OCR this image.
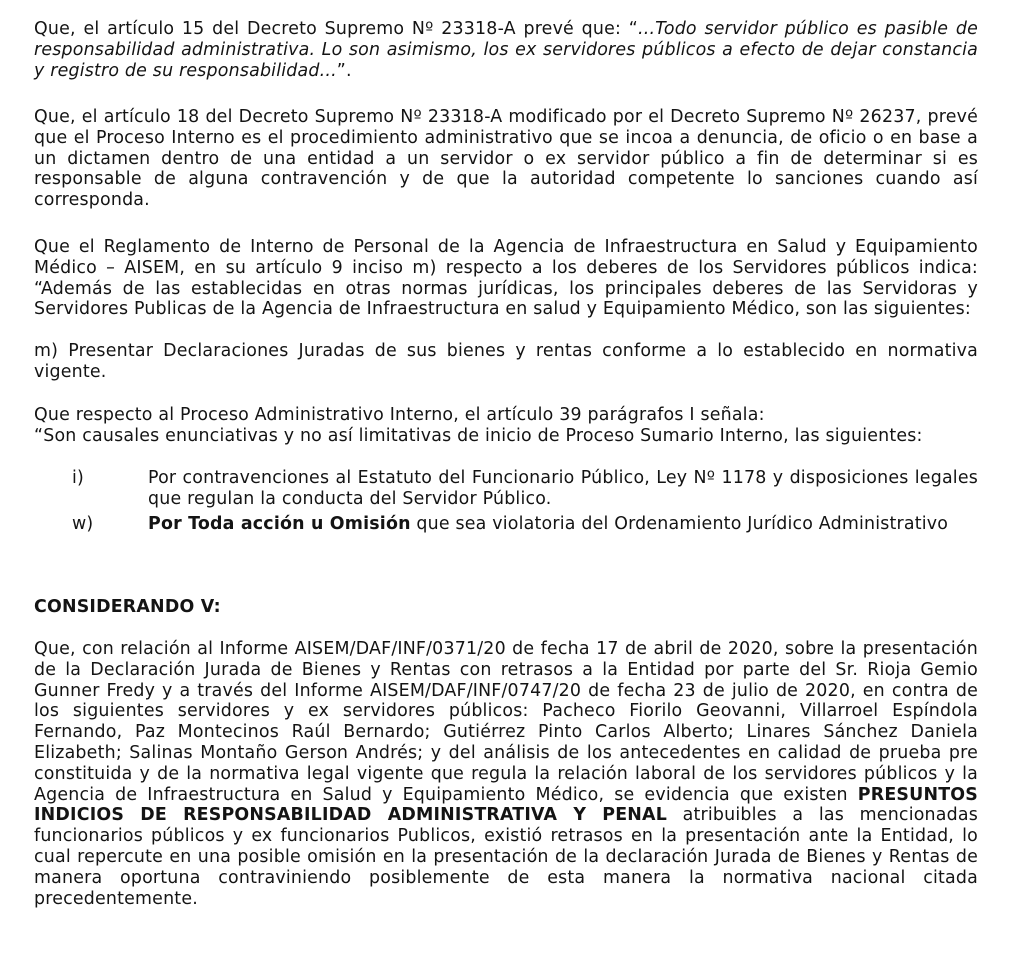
Que, el artículo 15 del Decreto Supremo Nº 23318-A prevé que: “...Todo servidor público es pasible de responsabilidad administrativa. Lo son asimismo, los ex servidores públicos a efecto de dejar constancia y registro de su responsabilidad...”.

Que, el artículo 18 del Decreto Supremo Nº 23318-A modificado por el Decreto Supremo Nº 26237, prevé que el Proceso Interno es el procedimiento administrativo que se incoa a denuncia, de oficio o en base a un dictamen dentro de una entidad a un servidor o ex servidor público a fin de determinar si es responsable de alguna contravención y de que la autoridad competente lo sanciones cuando así corresponda.

Que el Reglamento de Interno de Personal de la Agencia de Infraestructura en Salud y Equipamiento Médico – AISEM, en su artículo 9 inciso m) respecto a los deberes de los Servidores públicos indica: “Además de las establecidas en otras normas jurídicas, los principales deberes de las Servidoras y Servidores Publicas de la Agencia de Infraestructura en salud y Equipamiento Médico, son las siguientes:

m) Presentar Declaraciones Juradas de sus bienes y rentas conforme a lo establecido en normativa vigente.

Que respecto al Proceso Administrativo Interno, el artículo 39 parágrafos I señala:

“Son causales enunciativas y no así limitativas de inicio de Proceso Sumario Interno, las siguientes:

i)	Por contravenciones al Estatuto del Funcionario Público, Ley Nº 1178 y disposiciones legales que regulan la conducta del Servidor Público.
w)	Por Toda acción u Omisión que sea violatoria del Ordenamiento Jurídico Administrativo
CONSIDERANDO V:

Que, con relación al Informe AISEM/DAF/INF/0371/20 de fecha 17 de abril de 2020, sobre la presentación de la Declaración Jurada de Bienes y Rentas con retrasos a la Entidad por parte del Sr. Rioja Gemio Gunner Fredy y a través del Informe AISEM/DAF/INF/0747/20 de fecha 23 de julio de 2020, en contra de los siguientes servidores y ex servidores públicos: Pacheco Fiorilo Geovanni, Villarroel Espíndola Fernando, Paz Montecinos Raúl Bernardo; Gutiérrez Pinto Carlos Alberto; Linares Sánchez Daniela Elizabeth; Salinas Montaño Gerson Andrés; y del análisis de los antecedentes en calidad de prueba pre constituida y de la normativa legal vigente que regula la relación laboral de los servidores públicos y la Agencia de Infraestructura en Salud y Equipamiento Médico, se evidencia que existen PRESUNTOS INDICIOS DE RESPONSABILIDAD ADMINISTRATIVA Y PENAL atribuibles a las mencionadas funcionarios públicos y ex funcionarios Publicos, existió retrasos en la presentación ante la Entidad, lo cual repercute en una posible omisión en la presentación de la declaración Jurada de Bienes y Rentas de manera oportuna contraviniendo posiblemente de esta manera la normativa nacional citada precedentemente.
